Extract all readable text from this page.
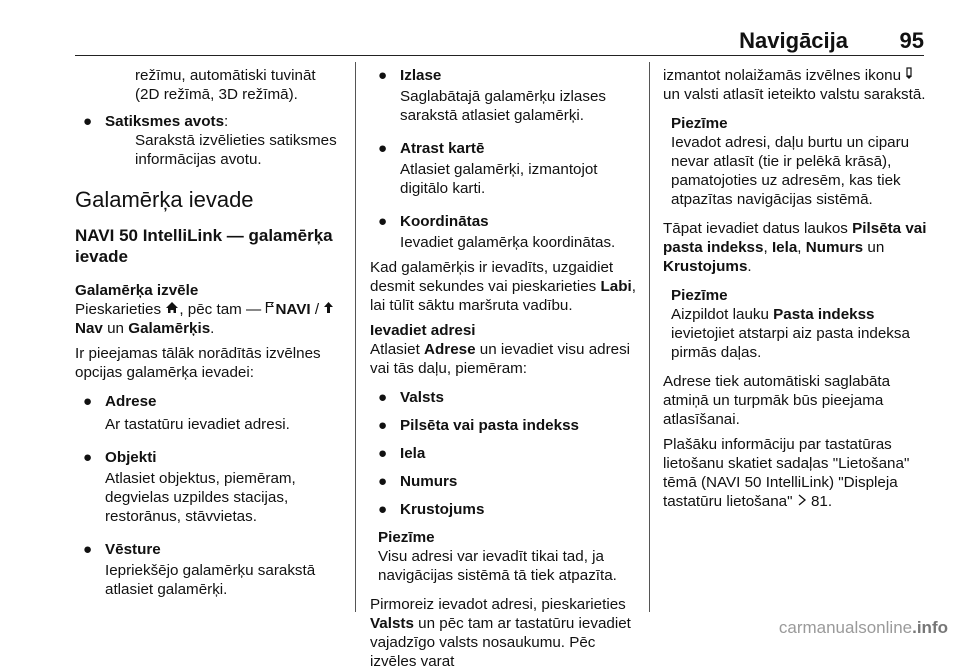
Navigācija 95

režīmu, automātiski tuvināt

(2D režīmā, 3D režīmā).

● Satiksmes avots:

Sarakstā izvēlieties satiksmes informācijas avotu.

Galamērķa ievade
NAVI 50 IntelliLink — galamērķa ievade

Galamērķa izvēle

Pieskarieties , pēc tam — NAVI / Nav un Galamērķis.

Ir pieejamas tālāk norādītās izvēlnes opcijas galamērķa ievadei:

● Adrese

Ar tastatūru ievadiet adresi.

● Objekti

Atlasiet objektus, piemēram, degvielas uzpildes stacijas, restorānus, stāvvietas.

● Vēsture

Iepriekšējo galamērķu sarakstā atlasiet galamērķi.

● Izlase

Saglabātajā galamērķu izlases sarakstā atlasiet galamērķi.

● Atrast kartē

Atlasiet galamērķi, izmantojot digitālo karti.

● Koordinātas

Ievadiet galamērķa koordinātas.

Kad galamērķis ir ievadīts, uzgaidiet desmit sekundes vai pieskarieties Labi, lai tūlīt sāktu maršruta vadību.

Ievadiet adresi

Atlasiet Adrese un ievadiet visu adresi vai tās daļu, piemēram:

● Valsts

● Pilsēta vai pasta indekss

● Iela

● Numurs

● Krustojums

Piezīme

Visu adresi var ievadīt tikai tad, ja navigācijas sistēmā tā tiek atpazīta.

Pirmoreiz ievadot adresi, pieskarieties Valsts un pēc tam ar tastatūru ievadiet vajadzīgo valsts nosaukumu. Pēc izvēles varat

izmantot nolaižamās izvēlnes ikonu  un valsti atlasīt ieteikto valstu sarakstā.

Piezīme

Ievadot adresi, daļu burtu un ciparu nevar atlasīt (tie ir pelēkā krāsā), pamatojoties uz adresēm, kas tiek atpazītas navigācijas sistēmā.

Tāpat ievadiet datus laukos Pilsēta vai pasta indekss, Iela, Numurs un Krustojums.

Piezīme

Aizpildot lauku Pasta indekss ievietojiet atstarpi aiz pasta indeksa pirmās daļas.

Adrese tiek automātiski saglabāta atmiņā un turpmāk būs pieejama atlasīšanai.

Plašāku informāciju par tastatūras lietošanu skatiet sadaļas "Lietošana" tēmā (NAVI 50 IntelliLink) "Displeja tastatūru lietošana" 81.

carmanualsonline.info
